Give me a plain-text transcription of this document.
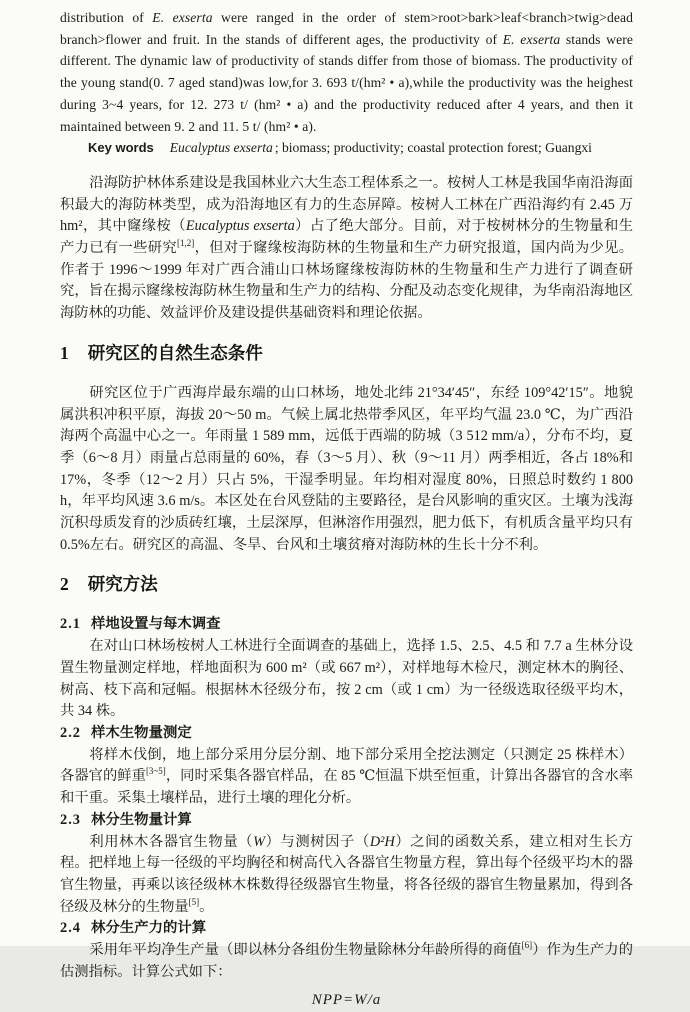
distribution of E. exserta were ranged in the order of stem>root>bark>leaf<branch>twig>dead branch>flower and fruit. In the stands of different ages, the productivity of E. exserta stands were different. The dynamic law of productivity of stands differ from those of biomass. The productivity of the young stand(0. 7 aged stand)was low,for 3. 693 t/(hm² • a),while the productivity was the heighest during 3~4 years, for 12. 273 t/ (hm² • a) and the productivity reduced after 4 years, and then it maintained between 9. 2 and 11. 5 t/ (hm² • a).

Key words Eucalyptus exserta ; biomass; productivity; coastal protection forest; Guangxi

沿海防护林体系建设是我国林业六大生态工程体系之一。桉树人工林是我国华南沿海面积最大的海防林类型，成为沿海地区有力的生态屏障。桉树人工林在广西沿海约有 2.45 万 hm²，其中窿缘桉（Eucalyptus exserta）占了绝大部分。目前，对于桉树林分的生物量和生产力已有一些研究[1,2]，但对于窿缘桉海防林的生物量和生产力研究报道，国内尚为少见。作者于 1996～1999 年对广西合浦山口林场窿缘桉海防林的生物量和生产力进行了调查研究，旨在揭示窿缘桉海防林生物量和生产力的结构、分配及动态变化规律，为华南沿海地区海防林的功能、效益评价及建设提供基础资料和理论依据。

1 研究区的自然生态条件

研究区位于广西海岸最东端的山口林场，地处北纬 21°34′45″，东经 109°42′15″。地貌属洪积冲积平原，海拔 20～50 m。气候上属北热带季风区，年平均气温 23.0 ℃，为广西沿海两个高温中心之一。年雨量 1 589 mm，远低于西端的防城（3 512 mm/a），分布不均，夏季（6～8 月）雨量占总雨量的 60%，春（3～5 月）、秋（9～11 月）两季相近，各占 18%和 17%，冬季（12～2 月）只占 5%，干湿季明显。年均相对湿度 80%，日照总时数约 1 800 h，年平均风速 3.6 m/s。本区处在台风登陆的主要路径，是台风影响的重灾区。土壤为浅海沉积母质发育的沙质砖红壤，土层深厚，但淋溶作用强烈，肥力低下，有机质含量平均只有 0.5%左右。研究区的高温、冬旱、台风和土壤贫瘠对海防林的生长十分不利。

2 研究方法
2.1 样地设置与每木调查

在对山口林场桉树人工林进行全面调查的基础上，选择 1.5、2.5、4.5 和 7.7 a 生林分设置生物量测定样地，样地面积为 600 m²（或 667 m²），对样地每木检尺，测定林木的胸径、树高、枝下高和冠幅。根据林木径级分布，按 2 cm（或 1 cm）为一径级选取径级平均木，共 34 株。

2.2 样木生物量测定

将样木伐倒，地上部分采用分层分割、地下部分采用全挖法测定（只测定 25 株样木）各器官的鲜重[3~5]，同时采集各器官样品，在 85 ℃恒温下烘至恒重，计算出各器官的含水率和干重。采集土壤样品，进行土壤的理化分析。

2.3 林分生物量计算

利用林木各器官生物量（W）与测树因子（D²H）之间的函数关系，建立相对生长方程。把样地上每一径级的平均胸径和树高代入各器官生物量方程，算出每个径级平均木的器官生物量，再乘以该径级林木株数得径级器官生物量，将各径级的器官生物量累加，得到各径级及林分的生物量[5]。

2.4 林分生产力的计算

采用年平均净生产量（即以林分各组份生物量除林分年龄所得的商值[6]）作为生产力的估测指标。计算公式如下：

NPP=W/a
